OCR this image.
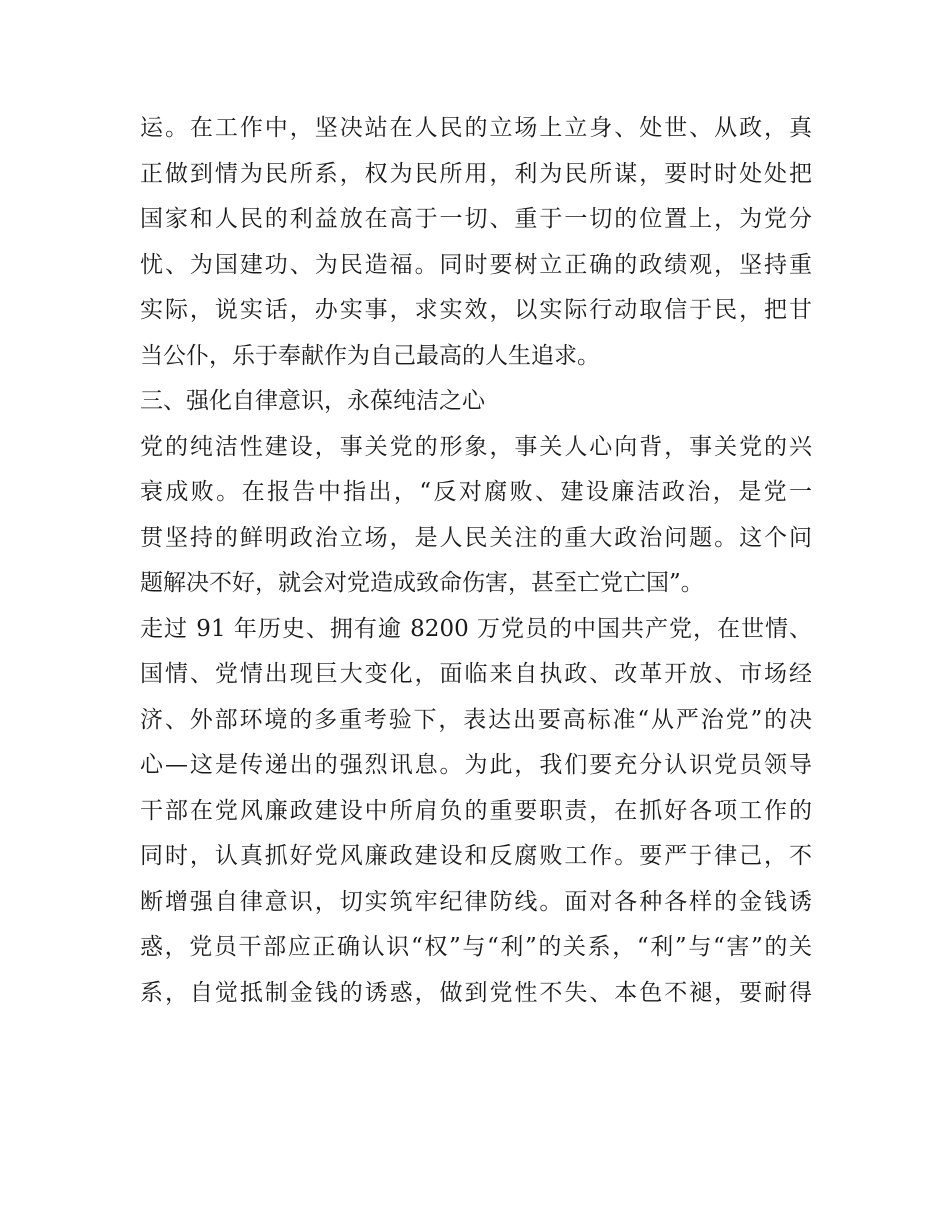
运。在工作中，坚决站在人民的立场上立身、处世、从政，真
正做到情为民所系，权为民所用，利为民所谋，要时时处处把
国家和人民的利益放在高于一切、重于一切的位置上，为党分
忧、为国建功、为民造福。同时要树立正确的政绩观，坚持重
实际，说实话，办实事，求实效，以实际行动取信于民，把甘
当公仆，乐于奉献作为自己最高的人生追求。
三、强化自律意识，永葆纯洁之心
党的纯洁性建设，事关党的形象，事关人心向背，事关党的兴
衰成败。在报告中指出，“反对腐败、建设廉洁政治，是党一
贯坚持的鲜明政治立场，是人民关注的重大政治问题。这个问
题解决不好，就会对党造成致命伤害，甚至亡党亡国”。
走过 91 年历史、拥有逾 8200 万党员的中国共产党，在世情、
国情、党情出现巨大变化，面临来自执政、改革开放、市场经
济、外部环境的多重考验下，表达出要高标准“从严治党”的决
心—这是传递出的强烈讯息。为此，我们要充分认识党员领导
干部在党风廉政建设中所肩负的重要职责，在抓好各项工作的
同时，认真抓好党风廉政建设和反腐败工作。要严于律己，不
断增强自律意识，切实筑牢纪律防线。面对各种各样的金钱诱
惑，党员干部应正确认识“权”与“利”的关系，“利”与“害”的关
系，自觉抵制金钱的诱惑，做到党性不失、本色不褪，要耐得
